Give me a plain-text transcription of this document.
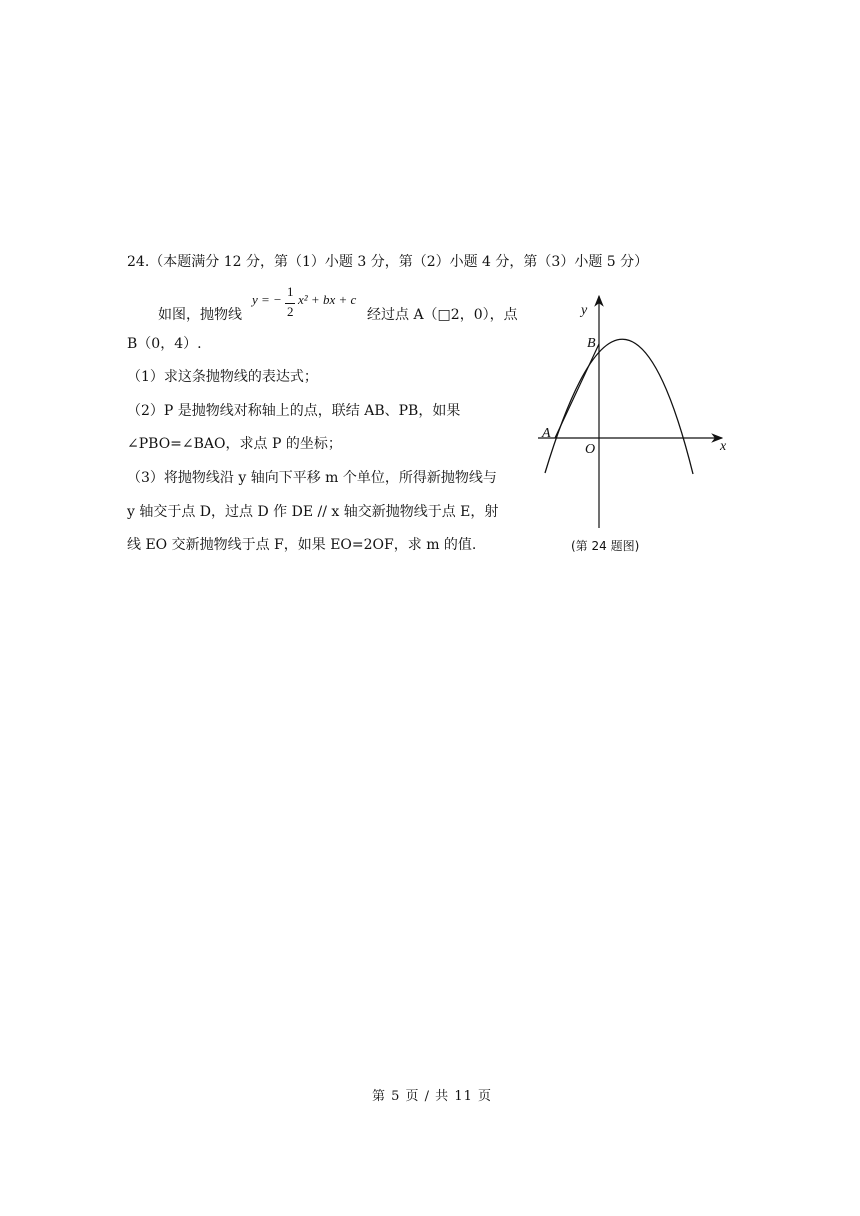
24.（本题满分 12 分，第（1）小题 3 分，第（2）小题 4 分，第（3）小题 5 分）
如图，抛物线
y = −
1
2
x² + bx + c
经过点 A（□2，0），点
B（0，4）.
（1）求这条抛物线的表达式；
（2）P 是抛物线对称轴上的点，联结 AB、PB，如果
∠PBO=∠BAO，求点 P 的坐标；
（3）将抛物线沿 y 轴向下平移 m 个单位，所得新抛物线与
y 轴交于点 D，过点 D 作 DE // x 轴交新抛物线于点 E，射
线 EO 交新抛物线于点 F，如果 EO=2OF，求 m 的值.
y
x
O
A
B
(第 24 题图)
第 5 页 / 共 11 页
